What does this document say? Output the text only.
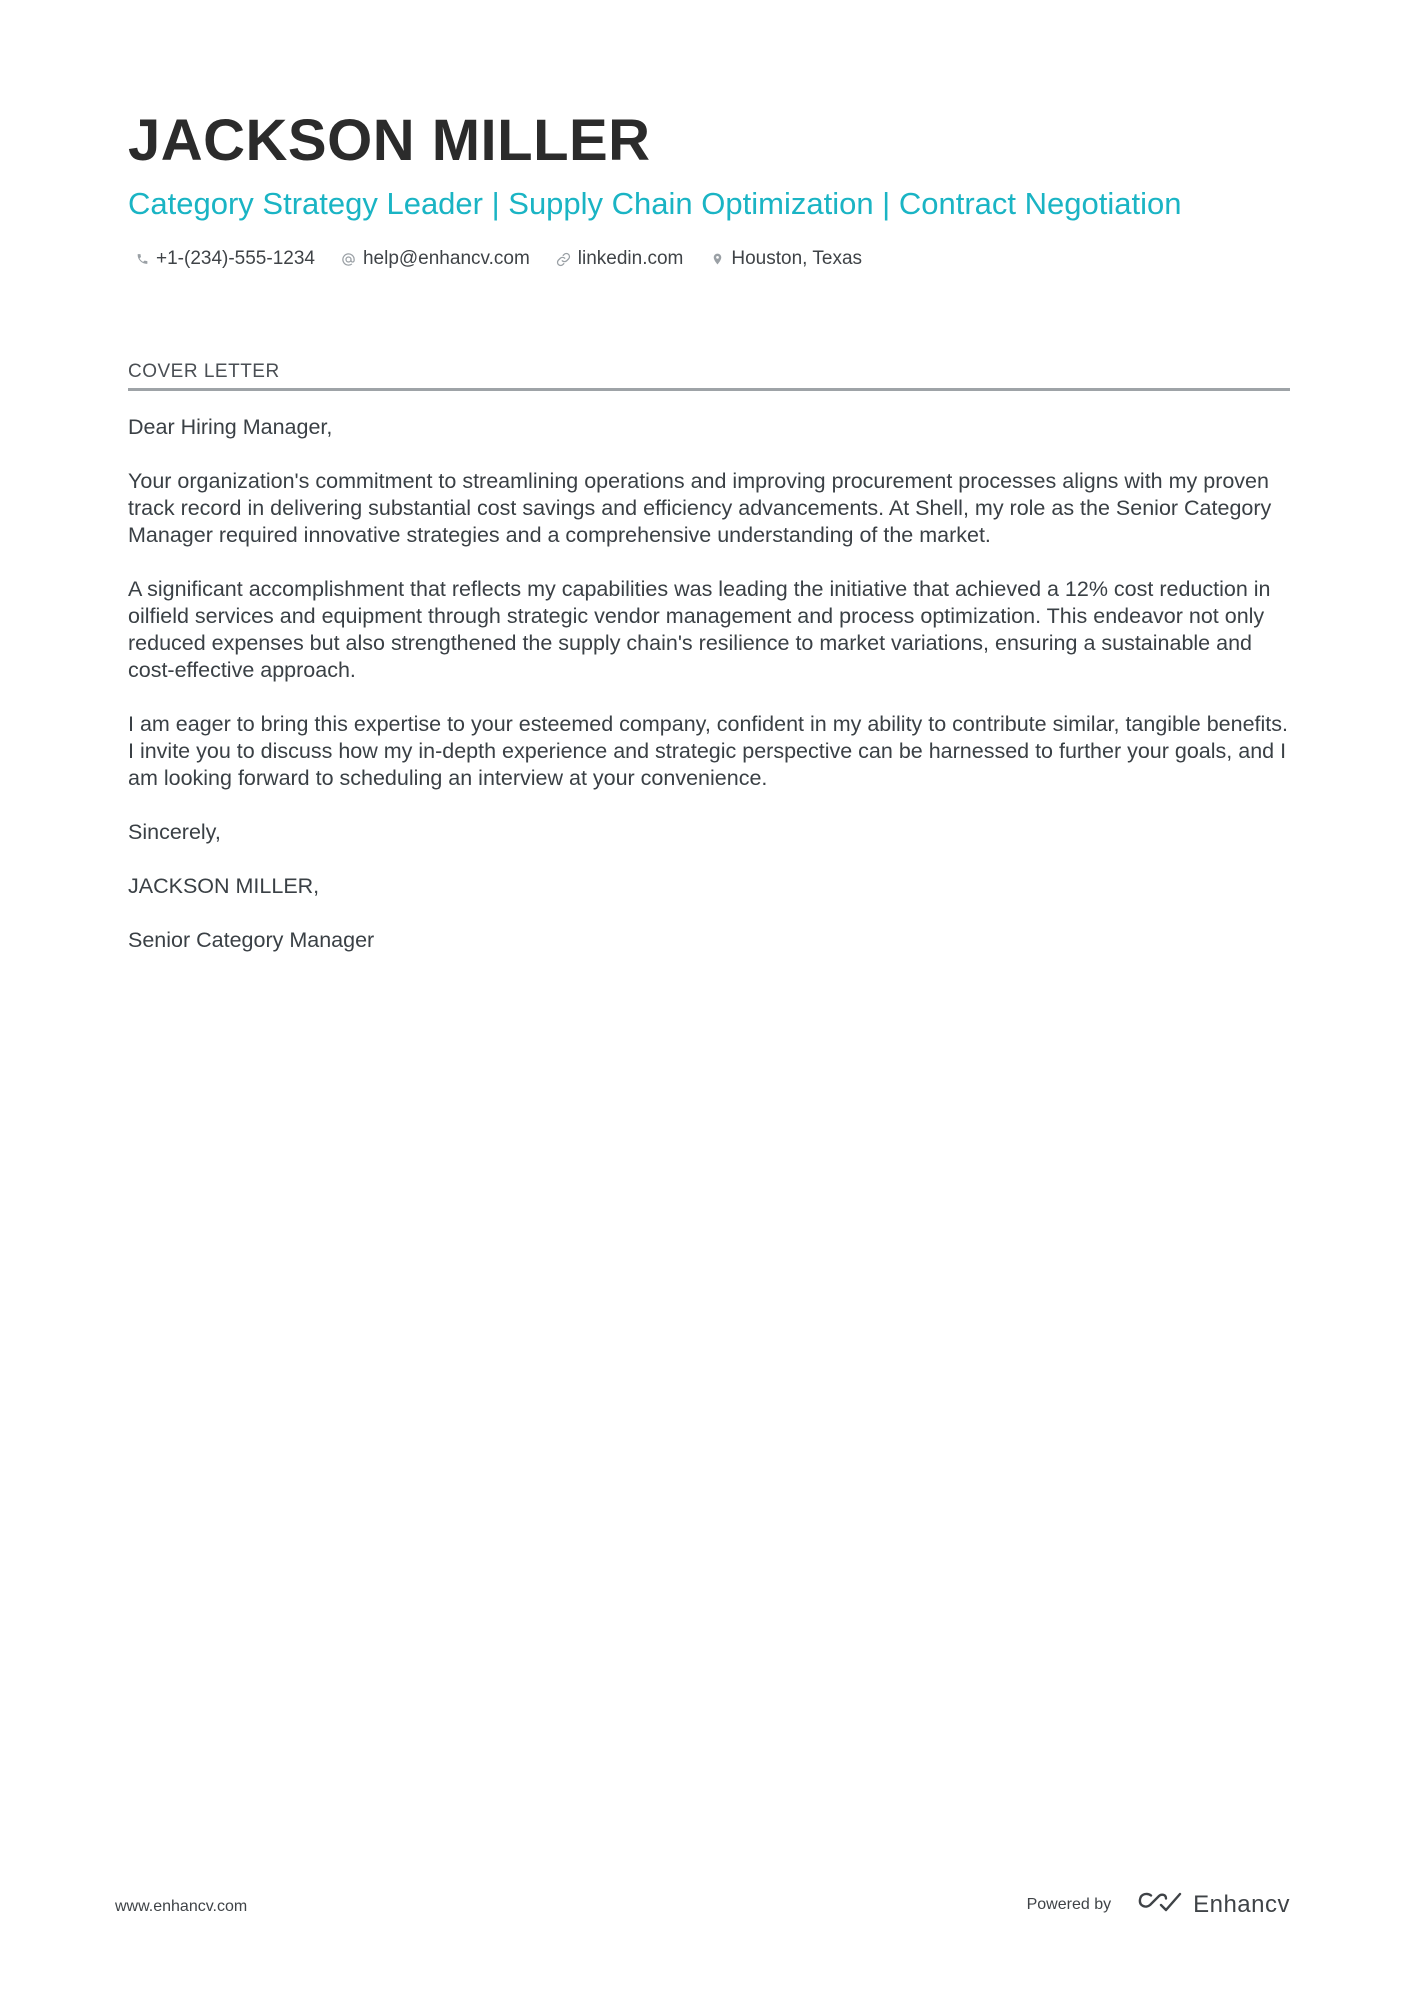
JACKSON MILLER
Category Strategy Leader | Supply Chain Optimization | Contract Negotiation
+1-(234)-555-1234	help@enhancv.com	linkedin.com	Houston, Texas
COVER LETTER

Dear Hiring Manager,

Your organization's commitment to streamlining operations and improving procurement processes aligns with my proven track record in delivering substantial cost savings and efficiency advancements. At Shell, my role as the Senior Category Manager required innovative strategies and a comprehensive understanding of the market.

A significant accomplishment that reflects my capabilities was leading the initiative that achieved a 12% cost reduction in oilfield services and equipment through strategic vendor management and process optimization. This endeavor not only reduced expenses but also strengthened the supply chain's resilience to market variations, ensuring a sustainable and cost-effective approach.

I am eager to bring this expertise to your esteemed company, confident in my ability to contribute similar, tangible benefits. I invite you to discuss how my in-depth experience and strategic perspective can be harnessed to further your goals, and I am looking forward to scheduling an interview at your convenience.

Sincerely,

JACKSON MILLER,

Senior Category Manager

www.enhancv.com	Powered by	Enhancv
